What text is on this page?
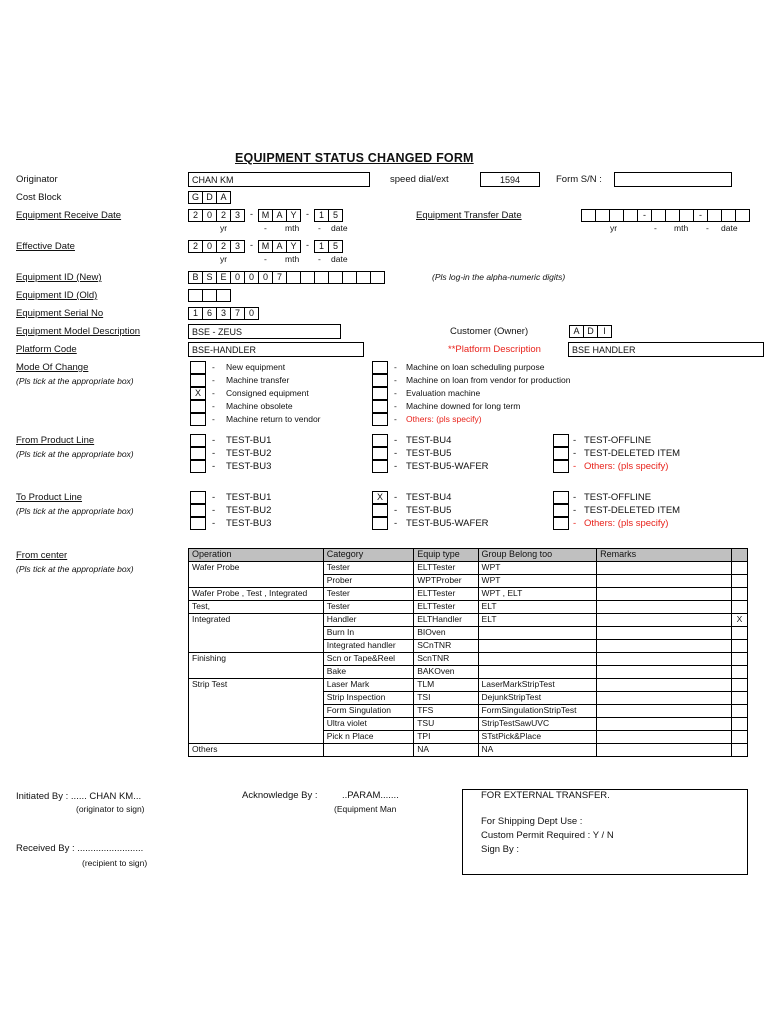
EQUIPMENT STATUS CHANGED FORM
Originator	CHAN KM	speed dial/ext	1594	Form S/N :
Cost Block	G D A
Equipment Receive Date	2 0 2 3	- M A Y	-	1 5
yr	- mth - date
Equipment Transfer Date	-	-
yr	- mth - date
Effective Date	2 0 2 3	- M A Y	-	1 5
yr	- mth - date
Equipment ID (New)	B S E 0 0 0 7	(Pls log-in the alpha-numeric digits)
Equipment ID (Old)
Equipment Serial No	1 6 3 7 0
Equipment Model Description	BSE - ZEUS	Customer (Owner)	A D	I
Platform Code	BSE-HANDLER	**Platform Description	BSE HANDLER
Mode Of Change
(Pls tick at the appropriate box)
- New equipment
- Machine transfer
X	- Consigned equipment
- Machine obsolete
- Machine return to vendor
- Machine on loan scheduling purpose
- Machine on loan from vendor for production
- Evaluation machine
- Machine downed for long term
- Others: (pls specify)
From Product Line
(Pls tick at the appropriate box)
- TEST-BU1
- TEST-BU2
- TEST-BU3
- TEST-BU4
- TEST-BU5
- TEST-BU5-WAFER
- TEST-OFFLINE
- TEST-DELETED ITEM
- Others: (pls specify)
To Product Line
(Pls tick at the appropriate box)
- TEST-BU1
- TEST-BU2
- TEST-BU3
X	- TEST-BU4
- TEST-BU5
- TEST-BU5-WAFER
- TEST-OFFLINE
- TEST-DELETED ITEM
- Others: (pls specify)
From center
(Pls tick at the appropriate box)
Operation	Category	Equip type	Group Belong too	Remarks	
Wafer Probe	Tester	ELTTester	WPT		
	Prober	WPTProber	WPT		
Wafer Probe , Test , Integrated	Tester	ELTTester	WPT , ELT		
Test,	Tester	ELTTester	ELT		
Integrated	Handler	ELTHandler	ELT		X
	Burn In	BIOven			
	Integrated handler	SCnTNR			
Finishing	Scn or Tape&Reel	ScnTNR			
	Bake	BAKOven			
Strip Test	Laser Mark	TLM	LaserMarkStripTest		
	Strip Inspection	TSI	DejunkStripTest		
	Form Singulation	TFS	FormSingulationStripTest		
	Ultra violet	TSU	StripTestSawUVC		
	Pick n Place	TPI	STstPick&Place		
Others		NA	NA		
Initiated By : ...... CHAN KM...
(originator to sign)
Acknowledge By :	..PARAM.......
(Equipment Man
Received By : .........................
(recipient to sign)
FOR EXTERNAL TRANSFER.
For Shipping Dept Use :
Custom Permit Required : Y / N
Sign By :
